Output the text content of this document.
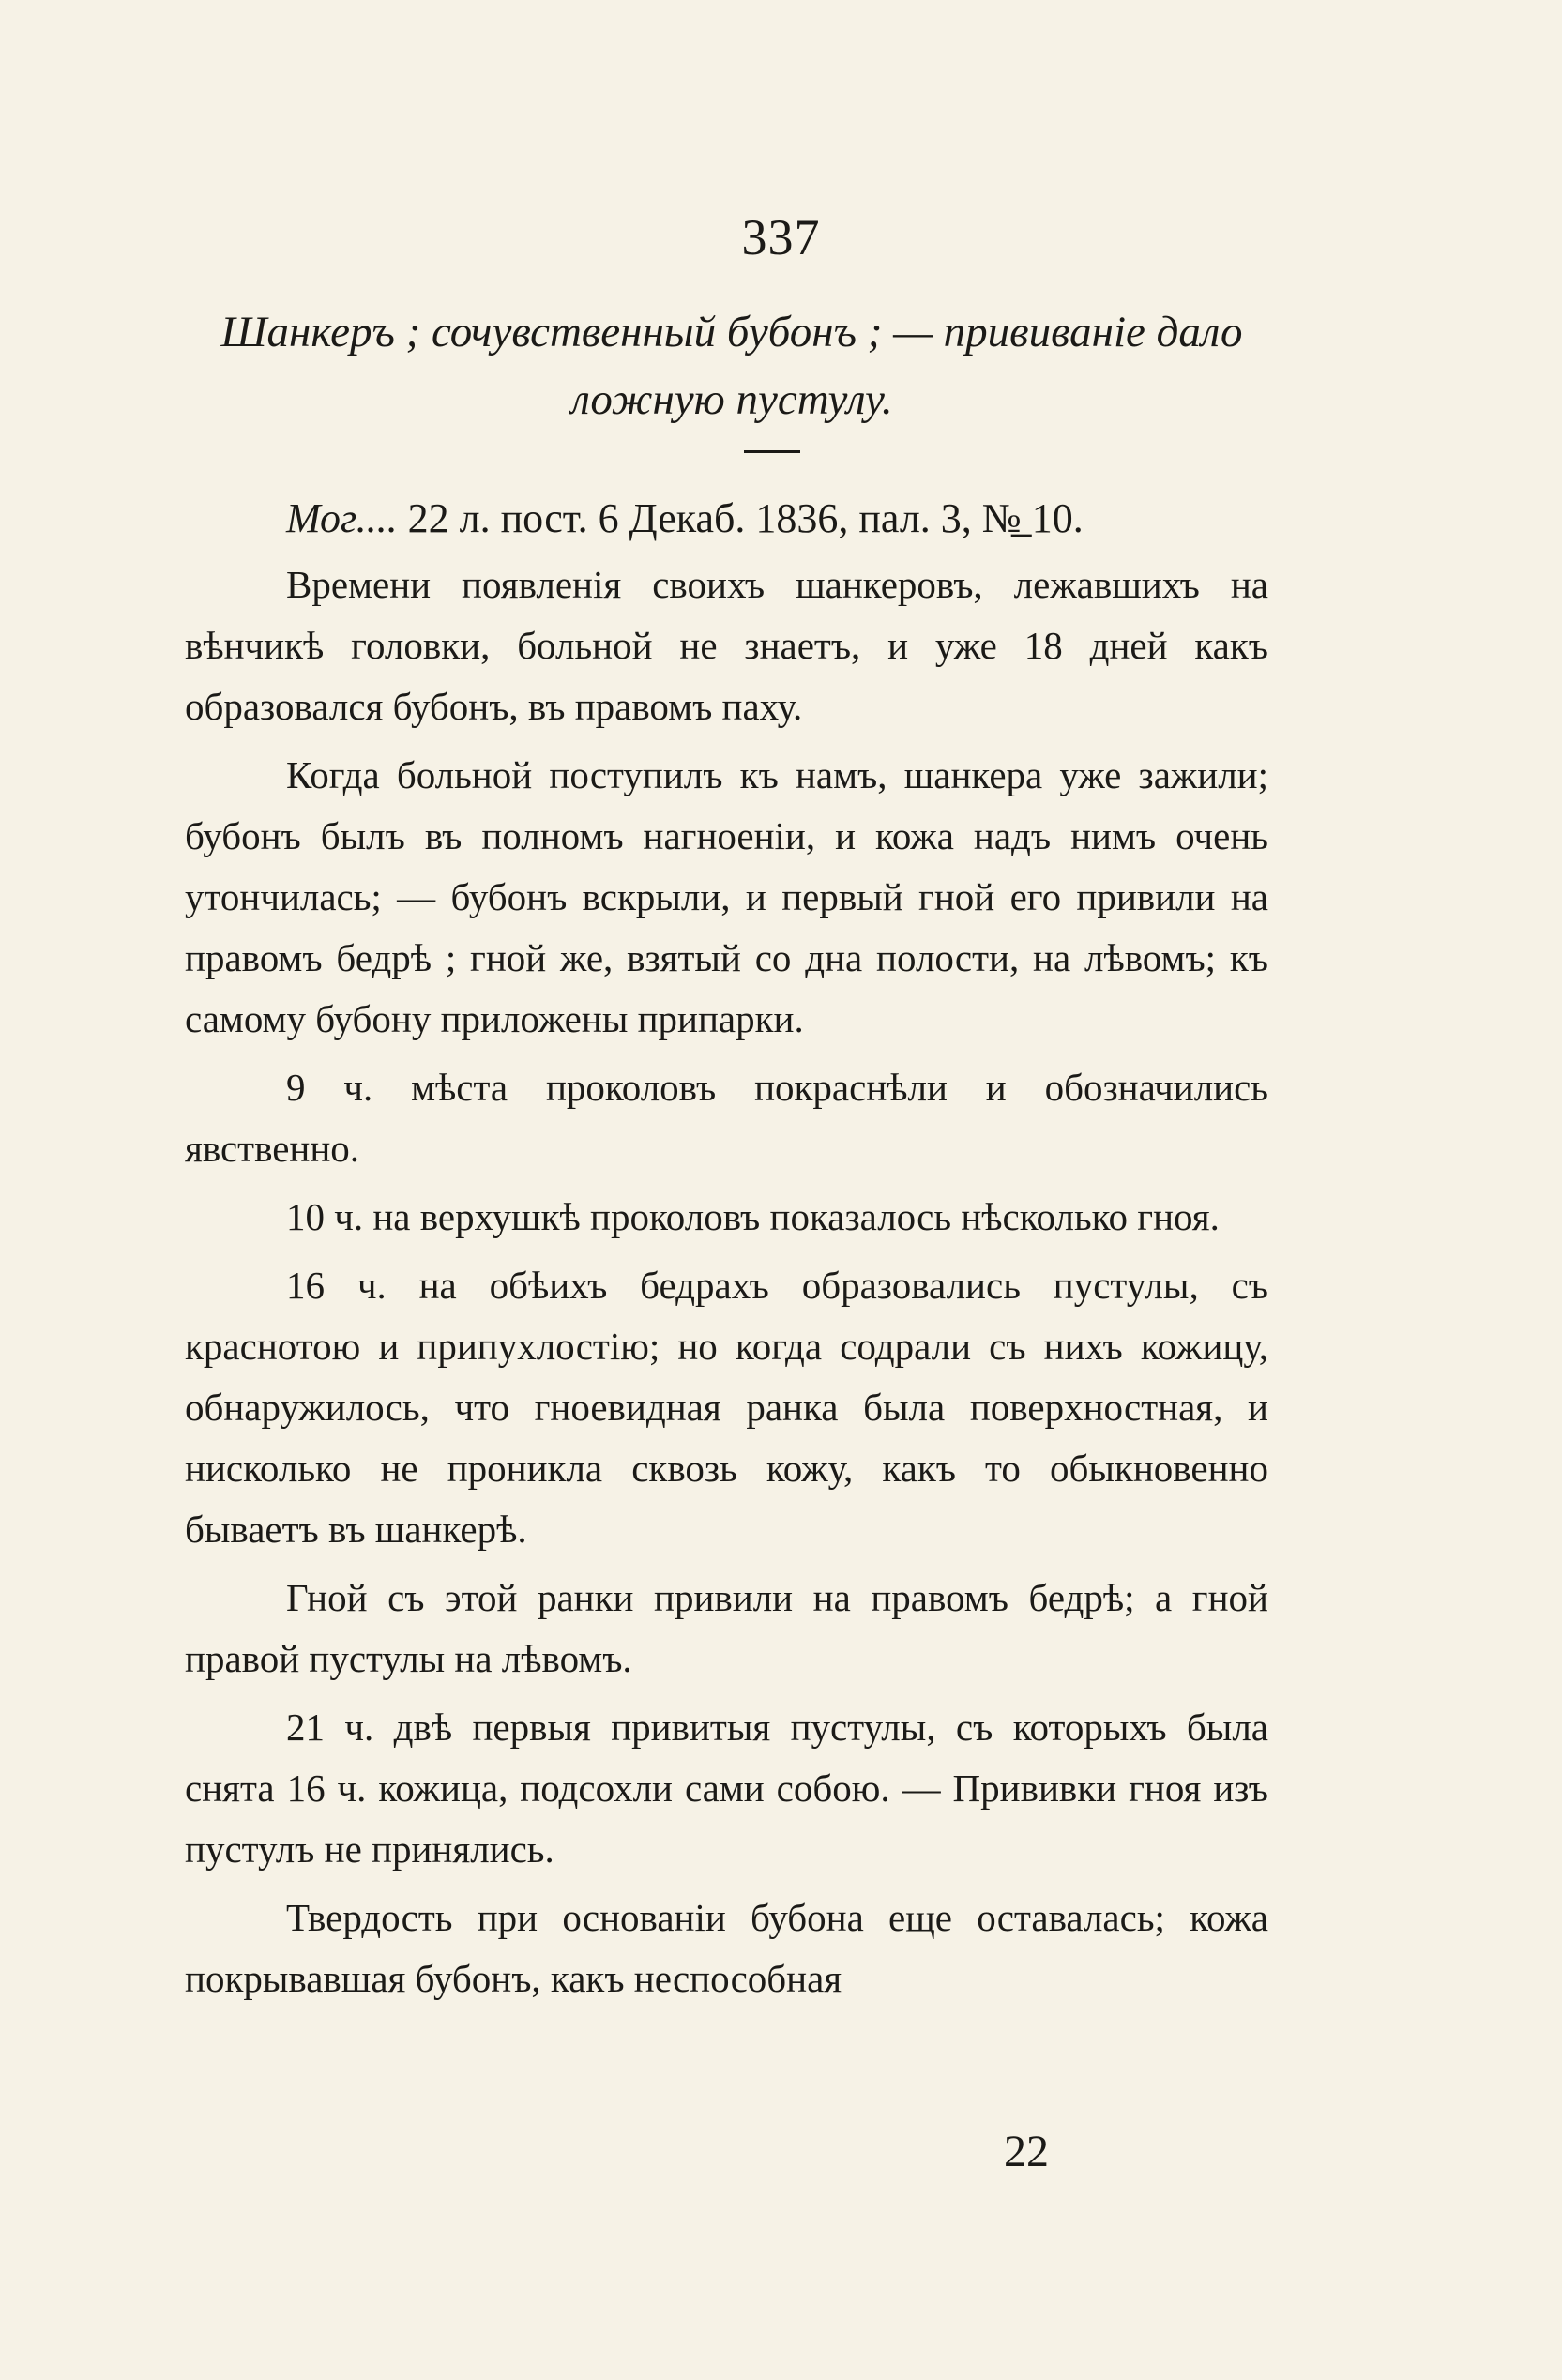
337
Шанкеръ ; сочувственный бубонъ ; — прививаніе дало ложную пустулу.
Мог.... 22 л. пост. 6 Декаб. 1836, пал. 3, №̲ 10.

Времени появленія своихъ шанкеровъ, лежавшихъ на вѣнчикѣ головки, больной не знаетъ, и уже 18 дней какъ образовался бубонъ, въ правомъ паху.

Когда больной поступилъ къ намъ, шанкера уже зажили; бубонъ былъ въ полномъ нагноеніи, и кожа надъ нимъ очень утончилась; — бубонъ вскрыли, и первый гной его привили на правомъ бедрѣ ; гной же, взятый со дна полости, на лѣвомъ; къ самому бубону приложены припарки.

9 ч. мѣста проколовъ покраснѣли и обозначились явственно.

10 ч. на верхушкѣ проколовъ показалось нѣсколько гноя.

16 ч. на обѣихъ бедрахъ образовались пустулы, съ краснотою и припухлостію; но когда содрали съ нихъ кожицу, обнаружилось, что гноевидная ранка была поверхностная, и нисколько не проникла сквозь кожу, какъ то обыкновенно бываетъ въ шанкерѣ.

Гной съ этой ранки привили на правомъ бедрѣ; а гной правой пустулы на лѣвомъ.

21 ч. двѣ первыя привитыя пустулы, съ которыхъ была снята 16 ч. кожица, подсохли сами собою. — Прививки гноя изъ пустулъ не принялись.

Твердость при основаніи бубона еще оставалась; кожа покрывавшая бубонъ, какъ неспособная

22
